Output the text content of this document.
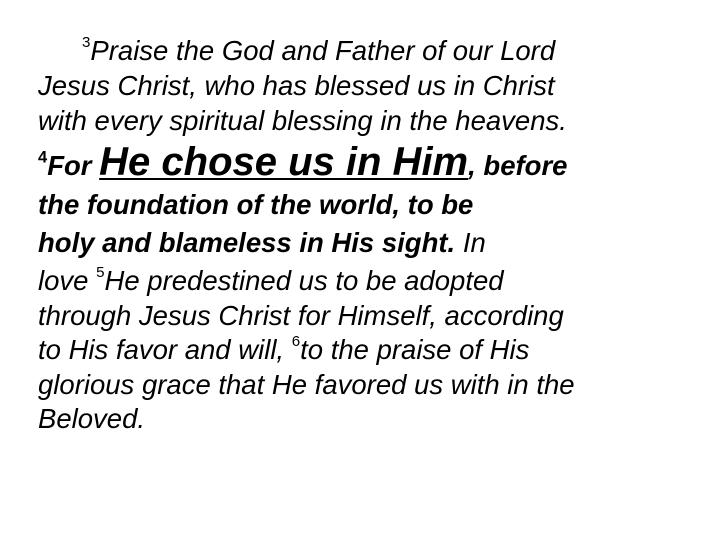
$^3$Praise the God and Father of our Lord
Jesus Christ, who has blessed us in Christ
with every spiritual blessing in the heavens.
$^4$For He chose us in Him, before
the foundation of the world, to be
holy and blameless in His sight. In
love $^5$He predestined us to be adopted
through Jesus Christ for Himself, according
to His favor and will, $^6$to the praise of His
glorious grace that He favored us with in the
Beloved.
